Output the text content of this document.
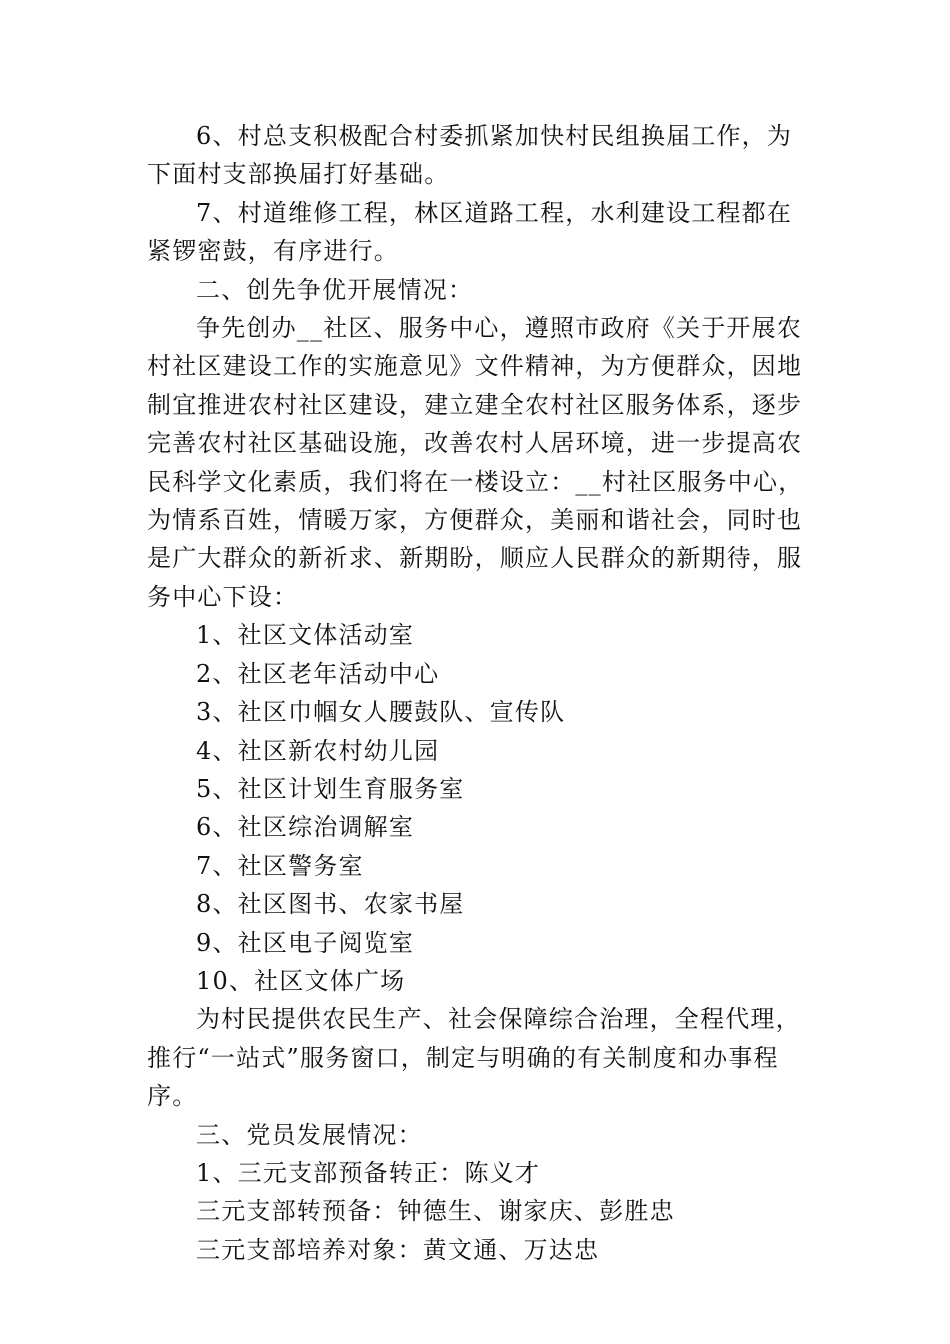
6、村总支积极配合村委抓紧加快村民组换届工作，为下面村支部换届打好基础。

7、村道维修工程，林区道路工程，水利建设工程都在紧锣密鼓，有序进行。

二、创先争优开展情况：

争先创办__社区、服务中心，遵照市政府《关于开展农村社区建设工作的实施意见》文件精神，为方便群众，因地制宜推进农村社区建设，建立建全农村社区服务体系，逐步完善农村社区基础设施，改善农村人居环境，进一步提高农民科学文化素质，我们将在一楼设立：__村社区服务中心，为情系百姓，情暖万家，方便群众，美丽和谐社会，同时也是广大群众的新祈求、新期盼，顺应人民群众的新期待，服务中心下设：

1、社区文体活动室

2、社区老年活动中心

3、社区巾帼女人腰鼓队、宣传队

4、社区新农村幼儿园

5、社区计划生育服务室

6、社区综治调解室

7、社区警务室

8、社区图书、农家书屋

9、社区电子阅览室

10、社区文体广场

为村民提供农民生产、社会保障综合治理，全程代理，推行“一站式”服务窗口，制定与明确的有关制度和办事程序。

三、党员发展情况：

1、三元支部预备转正：陈义才

三元支部转预备：钟德生、谢家庆、彭胜忠

三元支部培养对象：黄文通、万达忠
